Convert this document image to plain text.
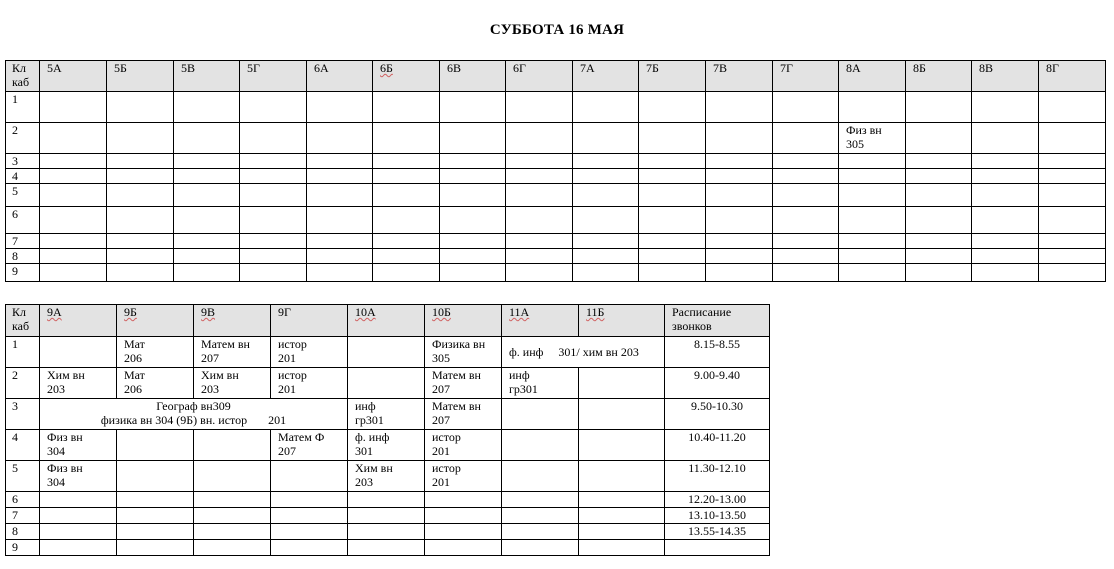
СУББОТА 16 МАЯ
Кл
каб	5А	5Б	5В	5Г	6А	6Б	6В	6Г	7А	7Б	7В	7Г	8А	8Б	8В	8Г
1																
2													Физ вн
305			
3																
4																
5																
6																
7																
8																
9																
Кл
каб	9А	9Б	9В	9Г	10А	10Б	11А	11Б	Расписание
звонков
1		Мат
206	Матем вн
207	истор
201		Физика вн
305	ф. инф     301/ хим вн 203		8.15-8.55
2	Хим вн
203	Мат
206	Хим вн
203	истор
201		Матем вн
207	инф
гр301		9.00-9.40
3	Географ вн309
физика вн 304 (9Б) вн. истор       201				инф
гр301	Матем вн
207			9.50-10.30
4	Физ вн
304			Матем Ф
207	ф. инф
301	истор
201			10.40-11.20
5	Физ вн
304				Хим вн
203	истор
201			11.30-12.10
6									12.20-13.00
7									13.10-13.50
8									13.55-14.35
9									
